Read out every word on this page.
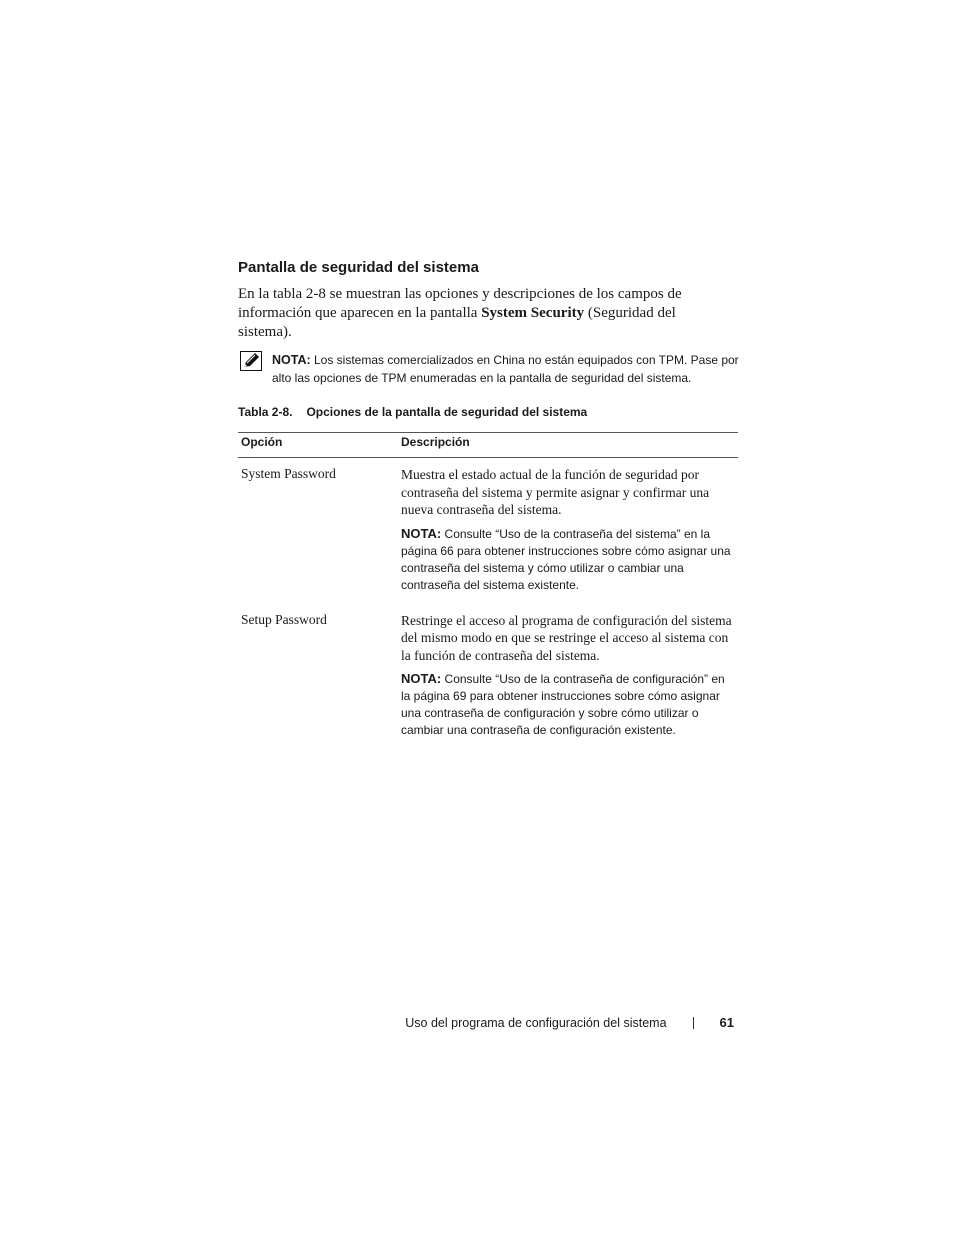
Pantalla de seguridad del sistema

En la tabla 2-8 se muestran las opciones y descripciones de los campos de información que aparecen en la pantalla System Security (Seguridad del sistema).

NOTA: Los sistemas comercializados en China no están equipados con TPM. Pase por alto las opciones de TPM enumeradas en la pantalla de seguridad del sistema.

Tabla 2-8. Opciones de la pantalla de seguridad del sistema

Opción	Descripción
System Password	Muestra el estado actual de la función de seguridad por contraseña del sistema y permite asignar y confirmar una nueva contraseña del sistema.

NOTA: Consulte “Uso de la contraseña del sistema” en la página 66 para obtener instrucciones sobre cómo asignar una contraseña del sistema y cómo utilizar o cambiar una contraseña del sistema existente.

Setup Password	Restringe el acceso al programa de configuración del sistema del mismo modo en que se restringe el acceso al sistema con la función de contraseña del sistema.

NOTA: Consulte “Uso de la contraseña de configuración” en la página 69 para obtener instrucciones sobre cómo asignar una contraseña de configuración y sobre cómo utilizar o cambiar una contraseña de configuración existente.

Uso del programa de configuración del sistema	61
